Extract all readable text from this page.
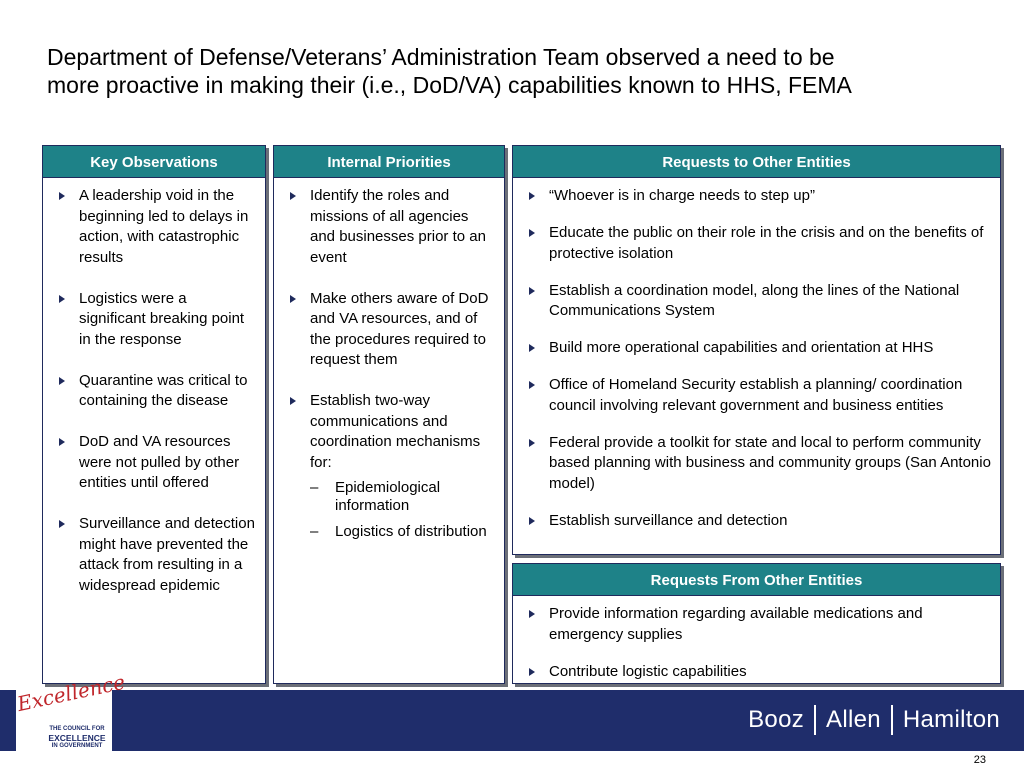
Department of Defense/Veterans’ Administration Team observed a need to be
more proactive in making their (i.e., DoD/VA) capabilities known to HHS, FEMA
Key Observations
A leadership void in the beginning led to delays in action, with catastrophic results
Logistics were a significant breaking point in the response
Quarantine was critical to containing the disease
DoD and VA resources were not pulled by other entities until offered
Surveillance and detection might have prevented the attack from resulting in a widespread epidemic
Internal Priorities
Identify the roles and missions of all agencies and businesses prior to an event
Make others aware of DoD and VA resources, and of the procedures required to request them
Establish two-way communications and coordination mechanisms for:
– Epidemiological information
– Logistics of distribution
Requests to Other Entities
“Whoever is in charge needs to step up”
Educate the public on their role in the crisis and on the benefits of protective isolation
Establish a coordination model, along the lines of the National Communications System
Build more operational capabilities and orientation at HHS
Office of Homeland Security establish a planning/ coordination council involving relevant government and business entities
Federal provide a toolkit for state and local to perform community based planning with business and community groups (San Antonio model)
Establish surveillance and detection
Requests From Other Entities
Provide information regarding available medications and emergency supplies
Contribute logistic capabilities
Excellence
THE COUNCIL FOR
EXCELLENCE
IN GOVERNMENT
Booz Allen Hamilton
23
